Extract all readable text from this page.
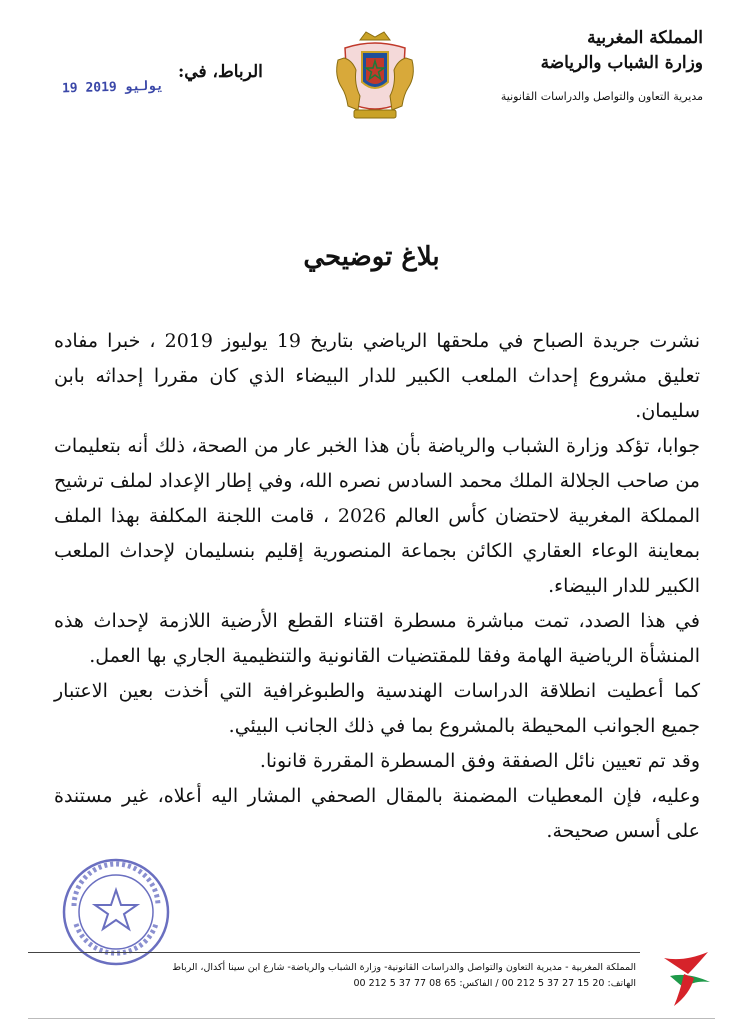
المملكة المغربية
وزارة الشباب والرياضة
مديرية التعاون والتواصل والدراسات القانونية
الرباط، في:
19 يوليو 2019
بلاغ توضيحي

نشرت جريدة الصباح في ملحقها الرياضي بتاريخ 19 يوليوز 2019 ، خبرا مفاده تعليق مشروع إحداث الملعب الكبير للدار البيضاء الذي كان مقررا إحداثه بابن سليمان.

جوابا، تؤكد وزارة الشباب والرياضة بأن هذا الخبر عار من الصحة، ذلك أنه بتعليمات من صاحب الجلالة الملك محمد السادس نصره الله، وفي إطار الإعداد لملف ترشيح المملكة المغربية لاحتضان كأس العالم 2026 ، قامت اللجنة المكلفة بهذا الملف بمعاينة الوعاء العقاري الكائن بجماعة المنصورية إقليم بنسليمان لإحداث الملعب الكبير للدار البيضاء.

في هذا الصدد، تمت مباشرة مسطرة اقتناء القطع الأرضية اللازمة لإحداث هذه المنشأة الرياضية الهامة وفقا للمقتضيات القانونية والتنظيمية الجاري بها العمل.

كما أعطيت انطلاقة الدراسات الهندسية والطبوغرافية التي أخذت بعين الاعتبار جميع الجوانب المحيطة بالمشروع بما في ذلك الجانب البيئي.

وقد تم تعيين نائل الصفقة وفق المسطرة المقررة قانونا.

وعليه، فإن المعطيات المضمنة بالمقال الصحفي المشار اليه أعلاه، غير مستندة على أسس صحيحة.

المملكة المغربية - مديرية التعاون والتواصل والدراسات القانونية- وزارة الشباب والرياضة- شارع ابن سينا أكدال، الرباط
الهاتف: 20 15 27 37 5 212 00 / الفاكس: 65 08 77 37 5 212 00
